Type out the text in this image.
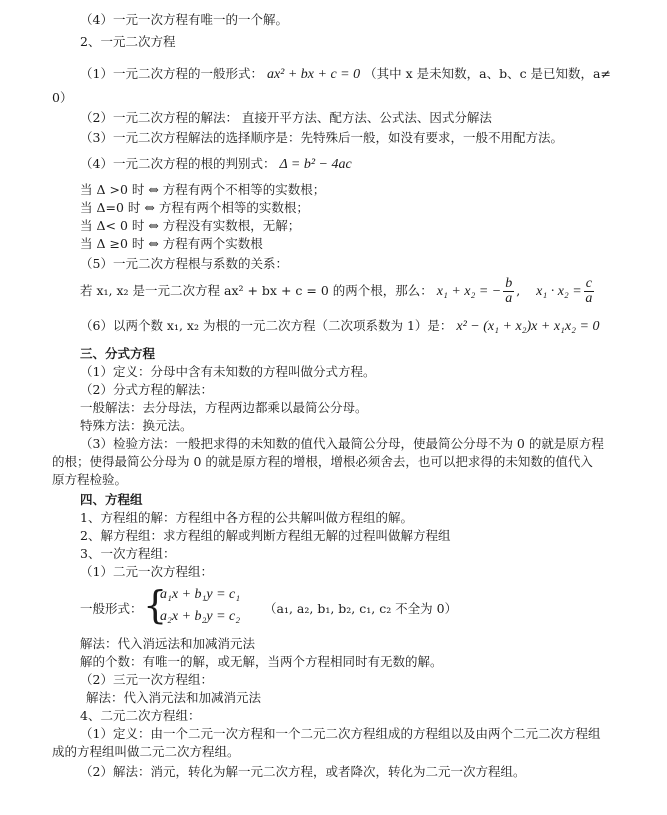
（4）一元一次方程有唯一的一个解。
2、一元二次方程
（1）一元二次方程的一般形式： ax² + bx + c = 0 （其中 x 是未知数，a、b、c 是已知数，a≠
0）
（2）一元二次方程的解法： 直接开平方法、配方法、公式法、因式分解法
（3）一元二次方程解法的选择顺序是：先特殊后一般，如没有要求，一般不用配方法。
（4）一元二次方程的根的判别式： Δ = b² − 4ac
当 Δ >0 时 ⇔ 方程有两个不相等的实数根；
当 Δ=0 时 ⇔ 方程有两个相等的实数根；
当 Δ< 0 时 ⇔ 方程没有实数根，无解；
当 Δ ≥0 时 ⇔ 方程有两个实数根
（5）一元二次方程根与系数的关系：
若 x₁, x₂ 是一元二次方程 ax² + bx + c = 0 的两个根，那么： x₁ + x₂ = − $\frac{b}{a}$ ,    $x_1 \cdot x_2 = \frac{c}{a}$
（6）以两个数 x₁, x₂ 为根的一元二次方程（二次项系数为 1）是： x² − (x₁ + x₂)x + x₁x₂ = 0
三、分式方程
（1）定义：分母中含有未知数的方程叫做分式方程。
（2）分式方程的解法：
一般解法：去分母法，方程两边都乘以最简公分母。
特殊方法：换元法。
（3）检验方法：一般把求得的未知数的值代入最简公分母，使最简公分母不为 0 的就是原方程
的根；使得最简公分母为 0 的就是原方程的增根，增根必须舍去，也可以把求得的未知数的值代入
原方程检验。
四、方程组
1、方程组的解：方程组中各方程的公共解叫做方程组的解。
2、解方程组：求方程组的解或判断方程组无解的过程叫做解方程组
3、一次方程组：
（1）二元一次方程组：
一般形式： {
a₁x + b₁y = c₁
a₂x + b₂y = c₂
（a₁, a₂, b₁, b₂, c₁, c₂ 不全为 0）
解法：代入消远法和加减消元法
解的个数：有唯一的解，或无解，当两个方程相同时有无数的解。
（2）三元一次方程组：
解法：代入消元法和加减消元法
4、二元二次方程组：
（1）定义：由一个二元一次方程和一个二元二次方程组成的方程组以及由两个二元二次方程组
成的方程组叫做二元二次方程组。
（2）解法：消元，转化为解一元二次方程，或者降次，转化为二元一次方程组。
